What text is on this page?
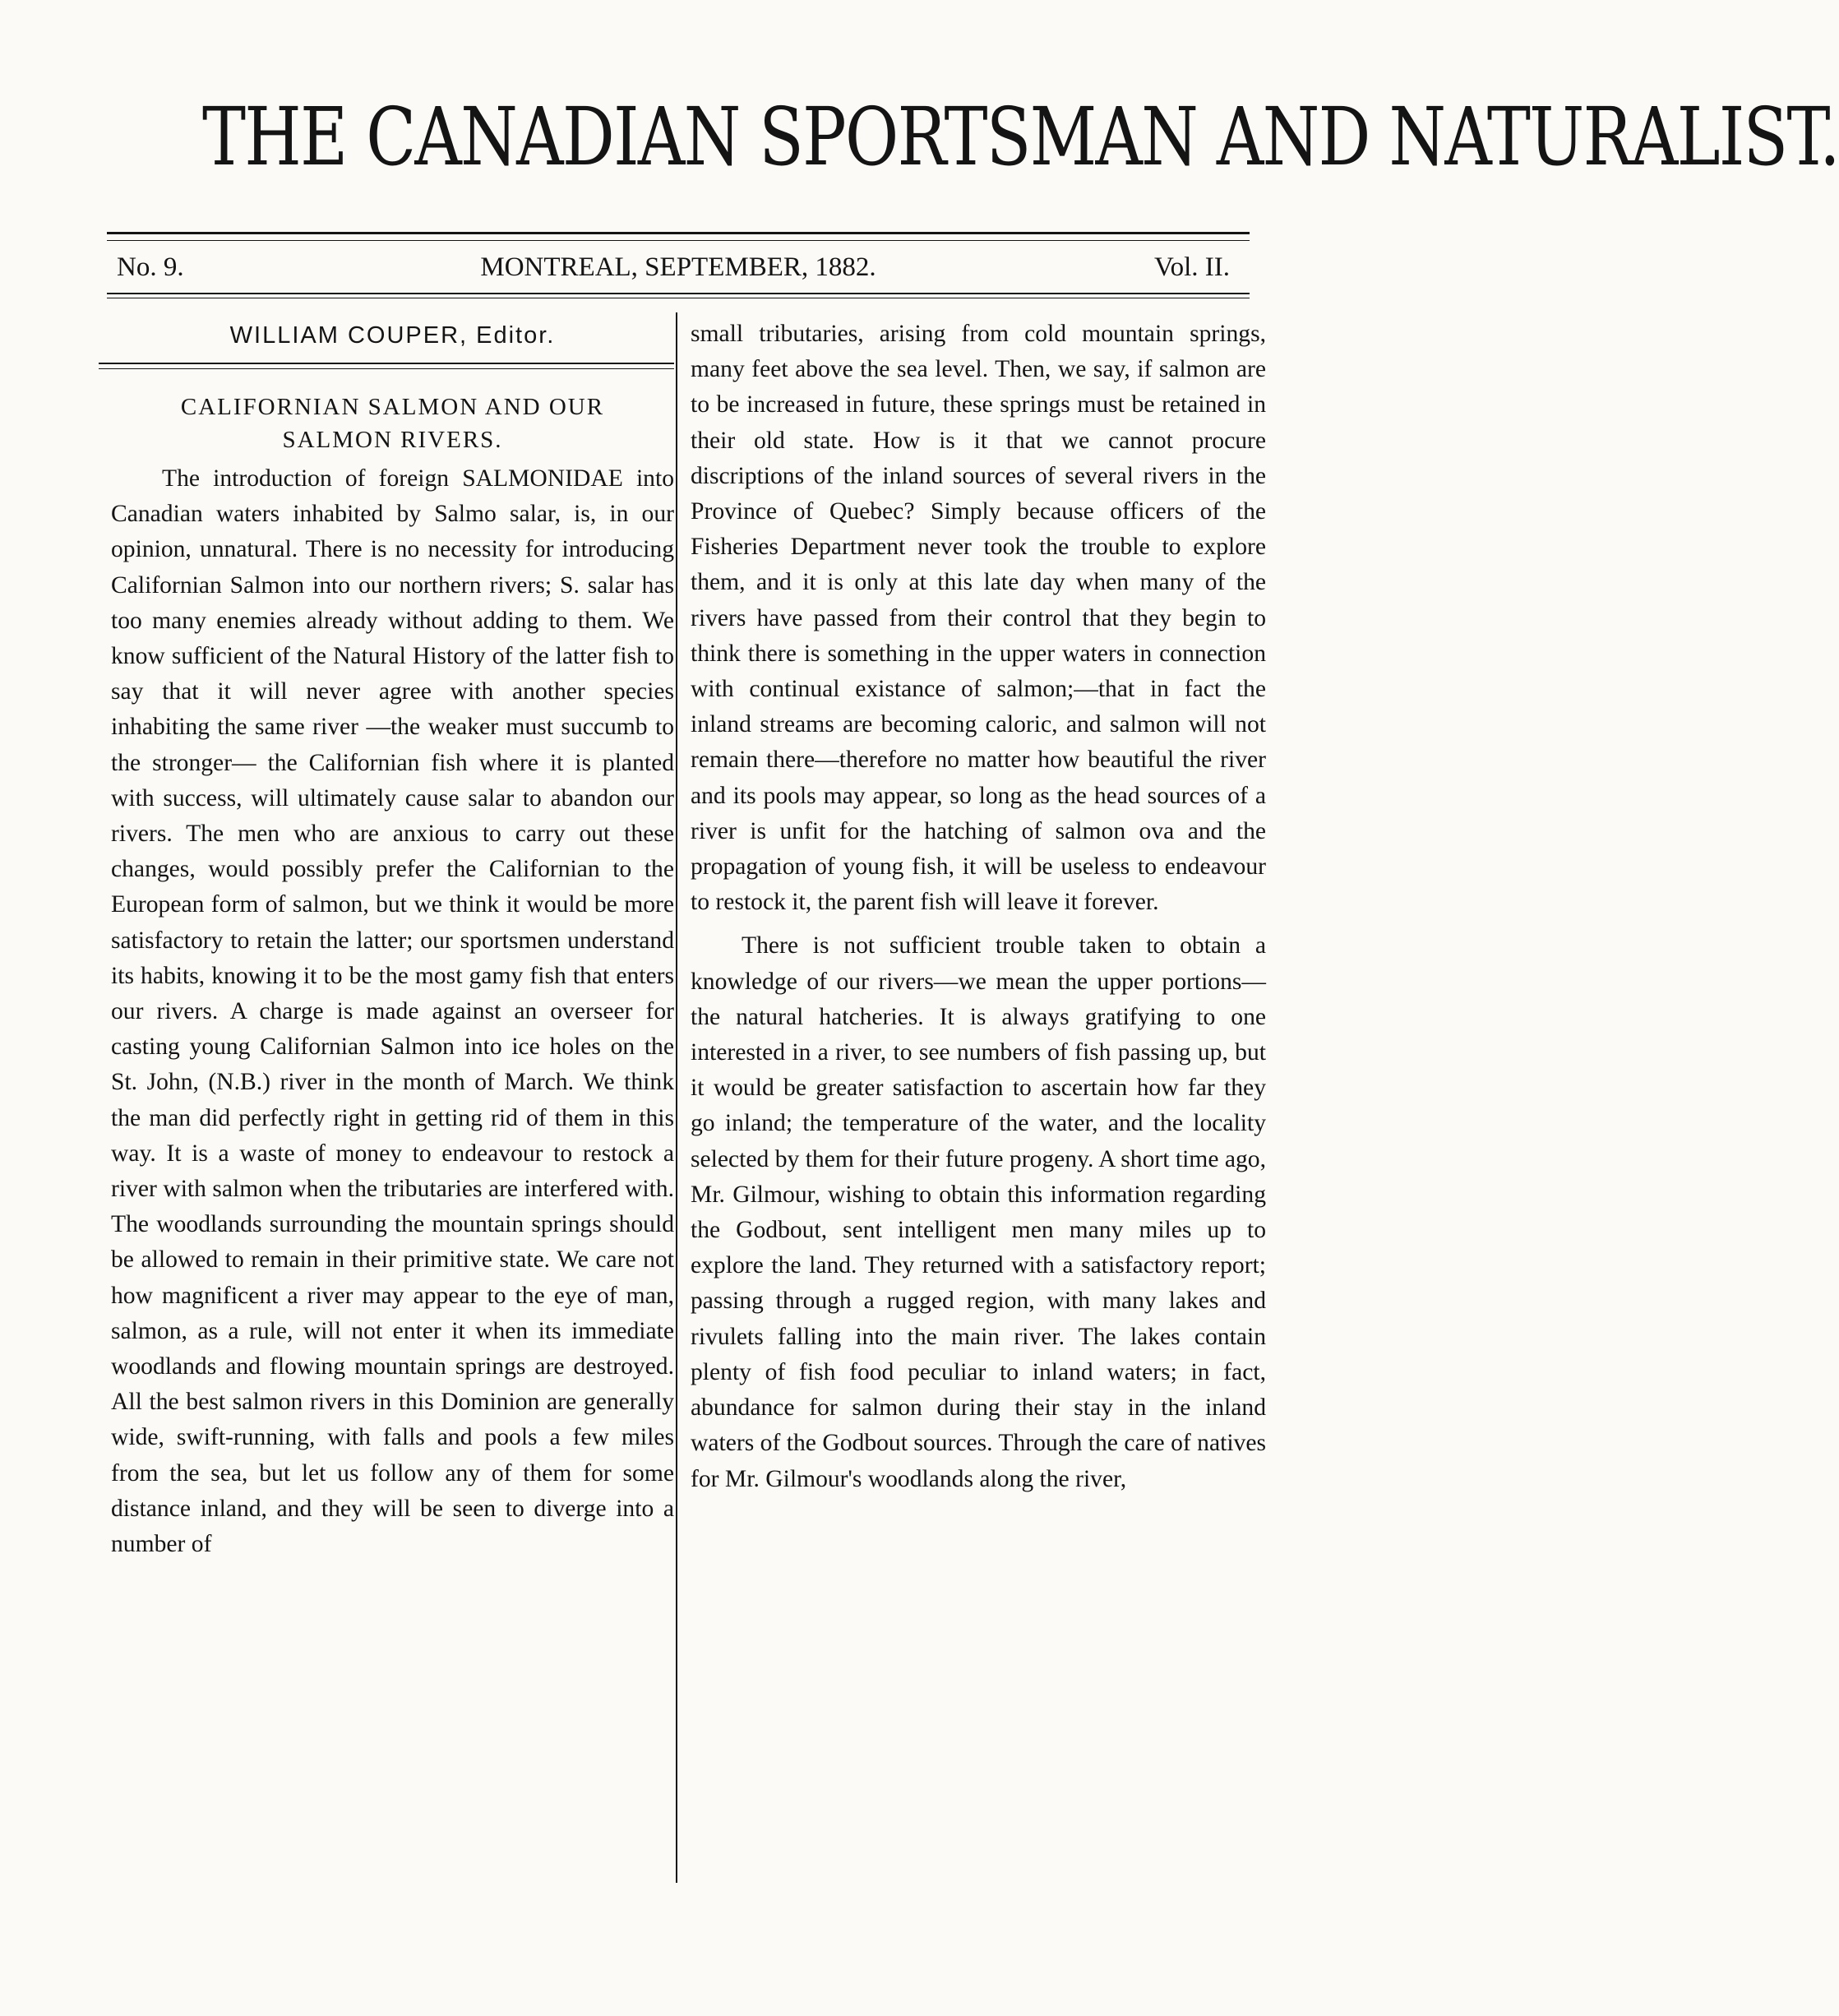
THE CANADIAN SPORTSMAN AND NATURALIST.
No. 9.	MONTREAL, SEPTEMBER, 1882.	Vol. II.
WILLIAM COUPER, Editor.
CALIFORNIAN SALMON AND OUR
SALMON RIVERS.

The introduction of foreign SALMONIDAE into Canadian waters inhabited by Salmo salar, is, in our opinion, unnatural. There is no necessity for introducing Californian Salmon into our northern rivers; S. salar has too many enemies already without adding to them. We know sufficient of the Natural History of the latter fish to say that it will never agree with another species inhabiting the same river —the weaker must succumb to the stronger— the Californian fish where it is planted with success, will ultimately cause salar to abandon our rivers. The men who are anxious to carry out these changes, would possibly prefer the Californian to the European form of salmon, but we think it would be more satisfactory to retain the latter; our sportsmen understand its habits, knowing it to be the most gamy fish that enters our rivers. A charge is made against an overseer for casting young Californian Salmon into ice holes on the St. John, (N.B.) river in the month of March. We think the man did perfectly right in getting rid of them in this way. It is a waste of money to endeavour to restock a river with salmon when the tributaries are interfered with. The woodlands surrounding the mountain springs should be allowed to remain in their primitive state. We care not how magnificent a river may appear to the eye of man, salmon, as a rule, will not enter it when its immediate woodlands and flowing mountain springs are destroyed. All the best salmon rivers in this Dominion are generally wide, swift-running, with falls and pools a few miles from the sea, but let us follow any of them for some distance inland, and they will be seen to diverge into a number of

small tributaries, arising from cold mountain springs, many feet above the sea level. Then, we say, if salmon are to be increased in future, these springs must be retained in their old state. How is it that we cannot procure discriptions of the inland sources of several rivers in the Province of Quebec? Simply because officers of the Fisheries Department never took the trouble to explore them, and it is only at this late day when many of the rivers have passed from their control that they begin to think there is something in the upper waters in connection with continual existance of salmon;—that in fact the inland streams are becoming caloric, and salmon will not remain there—therefore no matter how beautiful the river and its pools may appear, so long as the head sources of a river is unfit for the hatching of salmon ova and the propagation of young fish, it will be useless to endeavour to restock it, the parent fish will leave it forever.

There is not sufficient trouble taken to obtain a knowledge of our rivers—we mean the upper portions—the natural hatcheries. It is always gratifying to one interested in a river, to see numbers of fish passing up, but it would be greater satisfaction to ascertain how far they go inland; the temperature of the water, and the locality selected by them for their future progeny. A short time ago, Mr. Gilmour, wishing to obtain this information regarding the Godbout, sent intelligent men many miles up to explore the land. They returned with a satisfactory report; passing through a rugged region, with many lakes and rivulets falling into the main river. The lakes contain plenty of fish food peculiar to inland waters; in fact, abundance for salmon during their stay in the inland waters of the Godbout sources. Through the care of natives for Mr. Gilmour's woodlands along the river,
